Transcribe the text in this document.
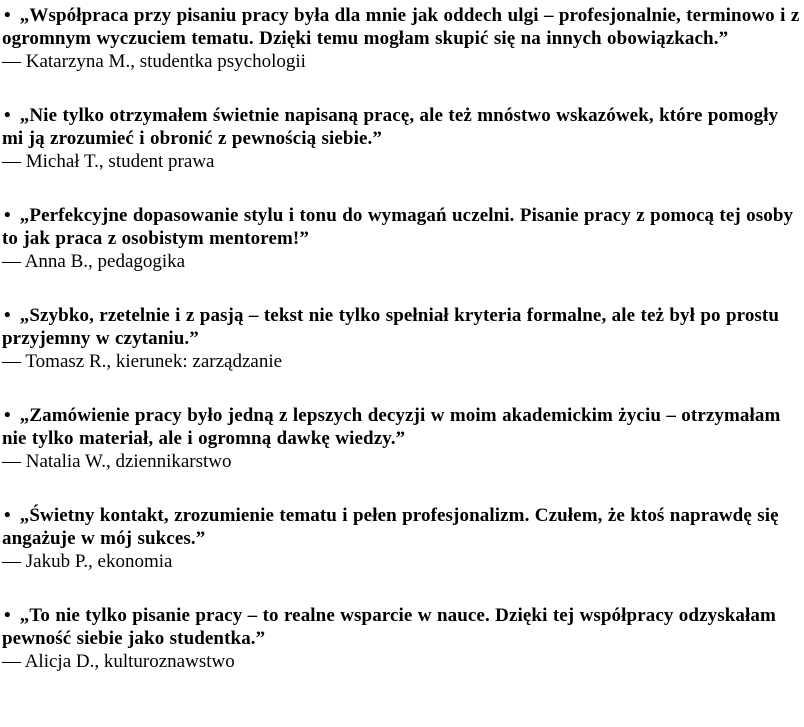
• „Współpraca przy pisaniu pracy była dla mnie jak oddech ulgi – profesjonalnie, terminowo i z ogromnym wyczuciem tematu. Dzięki temu mogłam skupić się na innych obowiązkach.”

— Katarzyna M., studentka psychologii

• „Nie tylko otrzymałem świetnie napisaną pracę, ale też mnóstwo wskazówek, które pomogły mi ją zrozumieć i obronić z pewnością siebie.”

— Michał T., student prawa

• „Perfekcyjne dopasowanie stylu i tonu do wymagań uczelni. Pisanie pracy z pomocą tej osoby to jak praca z osobistym mentorem!”

— Anna B., pedagogika

• „Szybko, rzetelnie i z pasją – tekst nie tylko spełniał kryteria formalne, ale też był po prostu przyjemny w czytaniu.”

— Tomasz R., kierunek: zarządzanie

• „Zamówienie pracy było jedną z lepszych decyzji w moim akademickim życiu – otrzymałam nie tylko materiał, ale i ogromną dawkę wiedzy.”

— Natalia W., dziennikarstwo

• „Świetny kontakt, zrozumienie tematu i pełen profesjonalizm. Czułem, że ktoś naprawdę się angażuje w mój sukces.”

— Jakub P., ekonomia

• „To nie tylko pisanie pracy – to realne wsparcie w nauce. Dzięki tej współpracy odzyskałam pewność siebie jako studentka.”

— Alicja D., kulturoznawstwo
